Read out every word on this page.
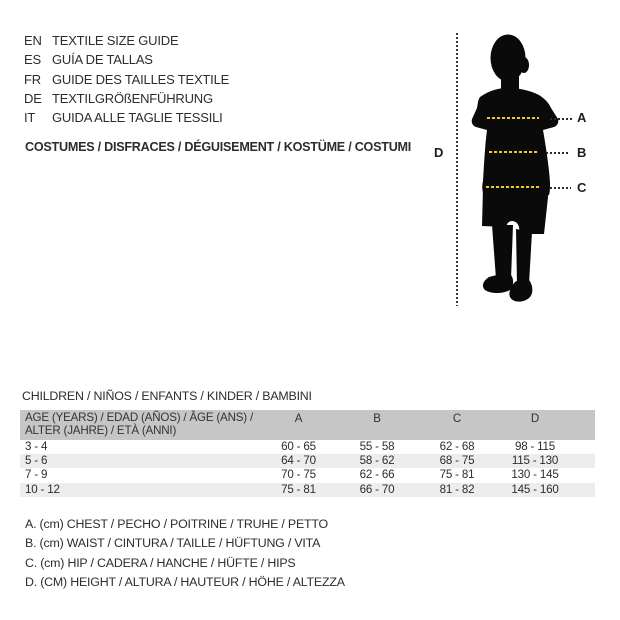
EN TEXTILE SIZE GUIDE
ES GUÍA DE TALLAS
FR GUIDE DES TAILLES TEXTILE
DE TEXTILGRÖßENFÜHRUNG
IT	GUIDA ALLE TAGLIE TESSILI
COSTUMES / DISFRACES / DÉGUISEMENT / KOSTÜME / COSTUMI
A
B
C
D
CHILDREN / NIÑOS / ENFANTS / KINDER / BAMBINI
AGE (YEARS) / EDAD (AÑOS) / ÂGE (ANS) /
ALTER (JAHRE) / ETÀ (ANNI)
A	B	C	D
3 - 4	60 - 65	55 - 58	62 - 68	98 - 115
5 - 6	64 - 70	58 - 62	68 - 75	115 - 130
7 - 9	70 - 75	62 - 66	75 - 81	130 - 145
10 - 12	75 - 81	66 - 70	81 - 82	145 - 160
A. (cm) CHEST / PECHO / POITRINE / TRUHE / PETTO
B. (cm) WAIST / CINTURA / TAILLE / HÜFTUNG / VITA
C. (cm) HIP / CADERA / HANCHE / HÜFTE / HIPS
D. (CM) HEIGHT / ALTURA / HAUTEUR / HÖHE / ALTEZZA
